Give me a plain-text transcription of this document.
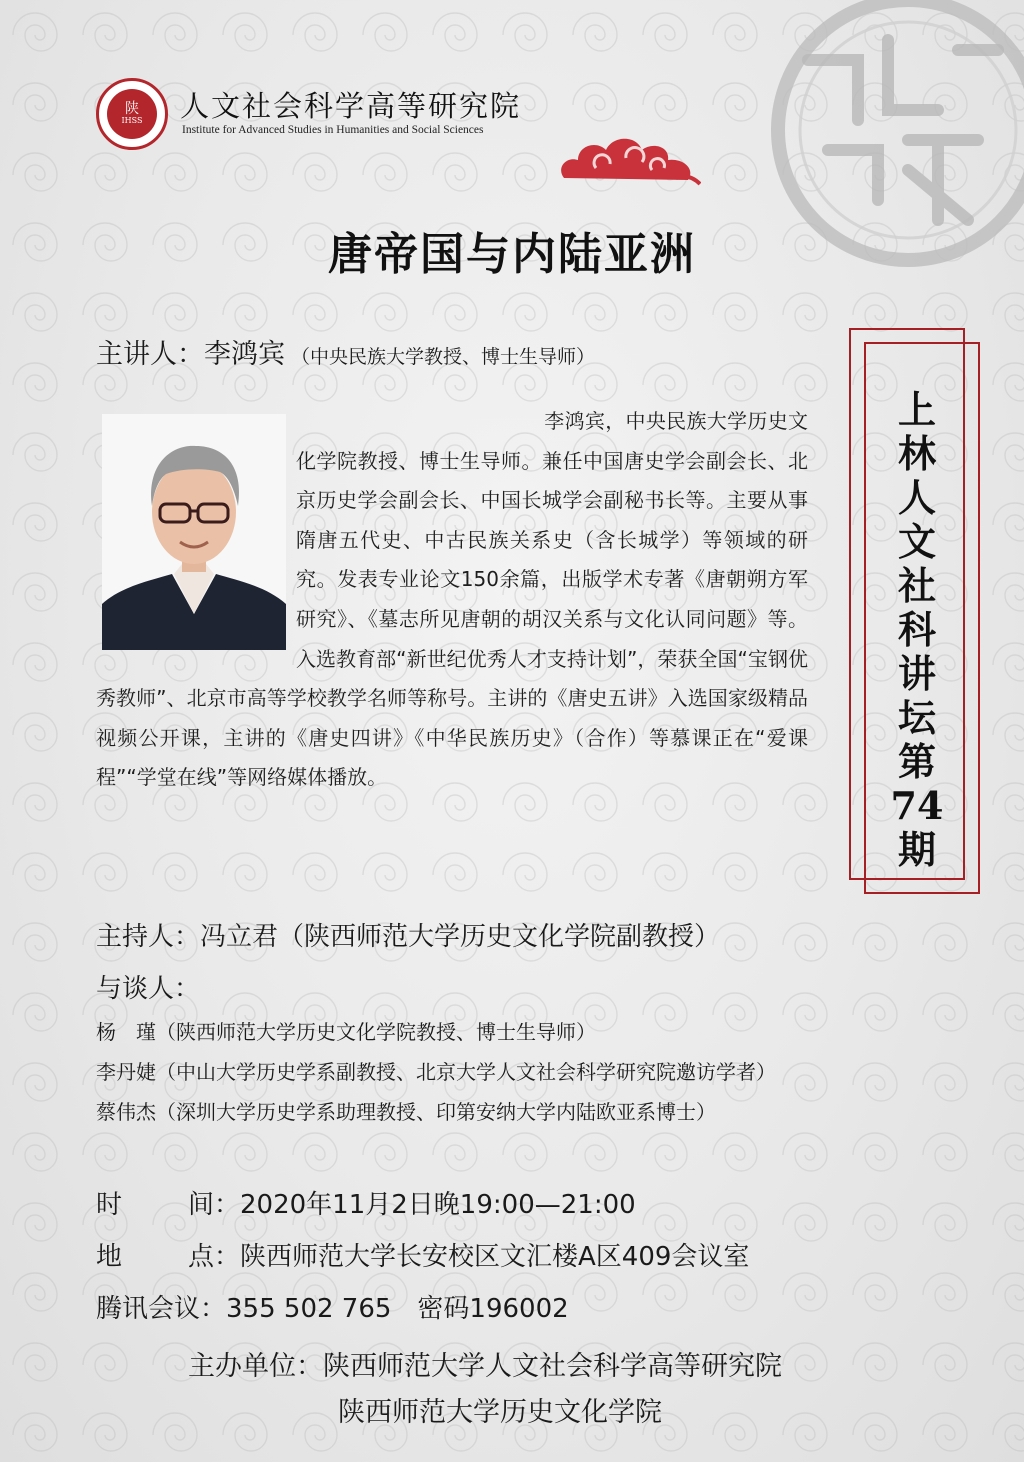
陕
IHSS 人文社会科学高等研究院
Institute for Advanced Studies in Humanities and Social Sciences
唐帝国与内陆亚洲
主讲人：李鸿宾 （中央民族大学教授、博士生导师）
李鸿宾，中央民族大学历史文化学院教授、博士生导师。兼任中国唐史学会副会长、北京历史学会副会长、中国长城学会副秘书长等。主要从事隋唐五代史、中古民族关系史（含长城学）等领域的研究。发表专业论文150余篇，出版学术专著《唐朝朔方军研究》、《墓志所见唐朝的胡汉关系与文化认同问题》等。入选教育部“新世纪优秀人才支持计划”，荣获全国“宝钢优秀教师”、北京市高等学校教学名师等称号。主讲的《唐史五讲》入选国家级精品视频公开课，主讲的《唐史四讲》《中华民族历史》（合作）等慕课正在“爱课程”“学堂在线”等网络媒体播放。
上
林
人
文
社
科
讲
坛
第
74
期
主持人：冯立君（陕西师范大学历史文化学院副教授）
与谈人：
杨　瑾（陕西师范大学历史文化学院教授、博士生导师）
李丹婕（中山大学历史学系副教授、北京大学人文社会科学研究院邀访学者）
蔡伟杰（深圳大学历史学系助理教授、印第安纳大学内陆欧亚系博士）
时	间：2020年11月2日晚19:00—21:00
地	点：陕西师范大学长安校区文汇楼A区409会议室
腾讯会议：355 502 765　密码196002
主办单位：陕西师范大学人文社会科学高等研究院
陕西师范大学历史文化学院
